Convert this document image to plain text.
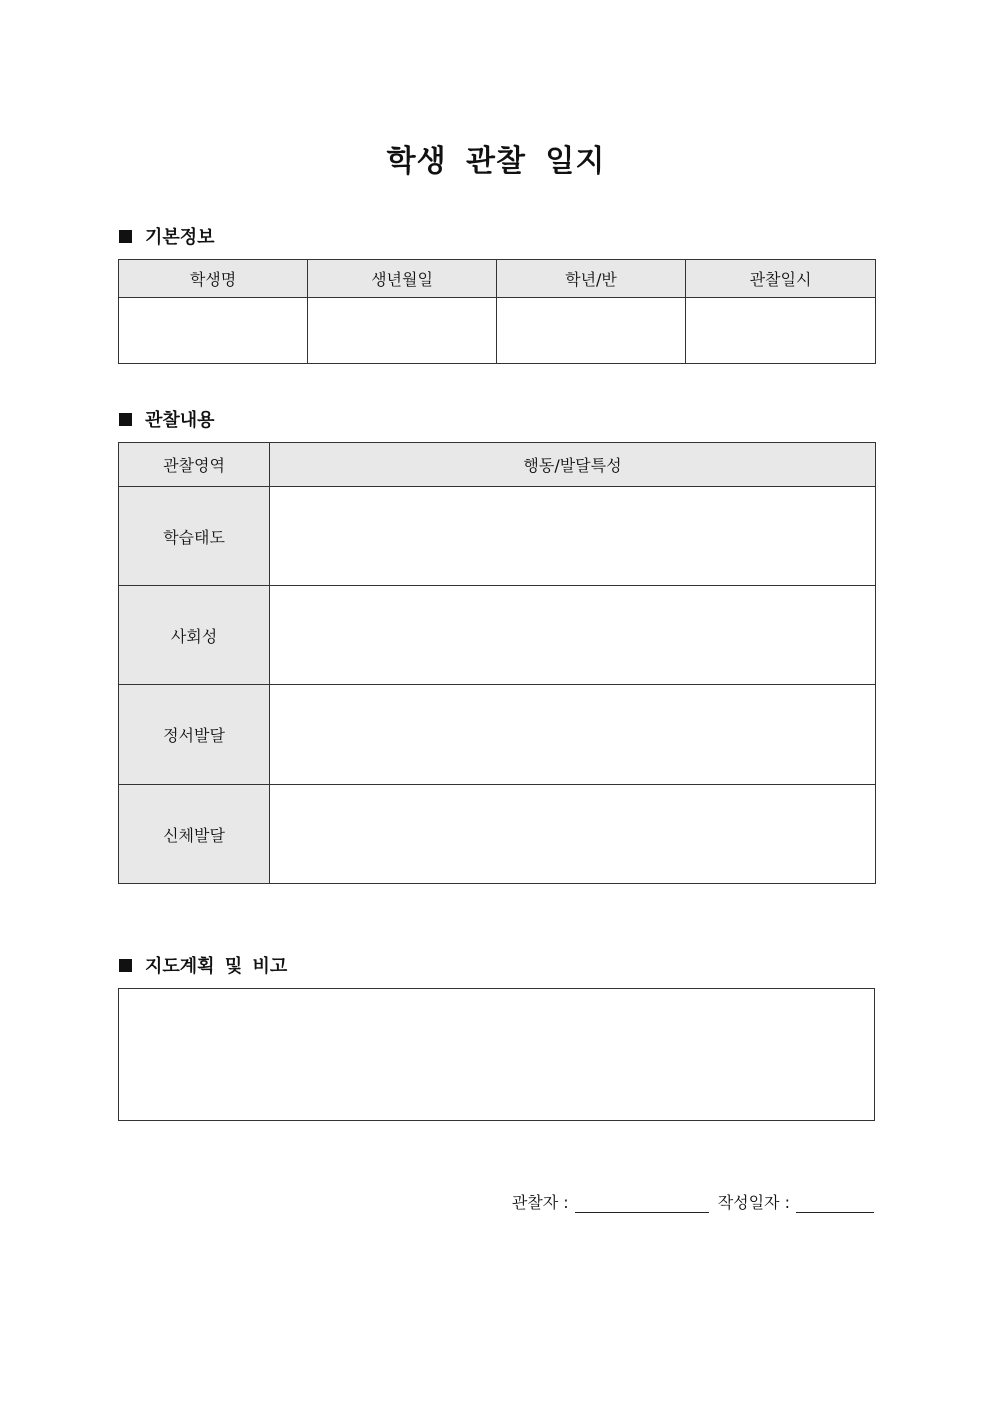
학생 관찰 일지
기본정보
학생명	생년월일	학년/반	관찰일시

관찰내용
관찰영역	행동/발달특성
학습태도	
사회성	
정서발달	
신체발달	
지도계획 및 비고
관찰자 :	작성일자 :
